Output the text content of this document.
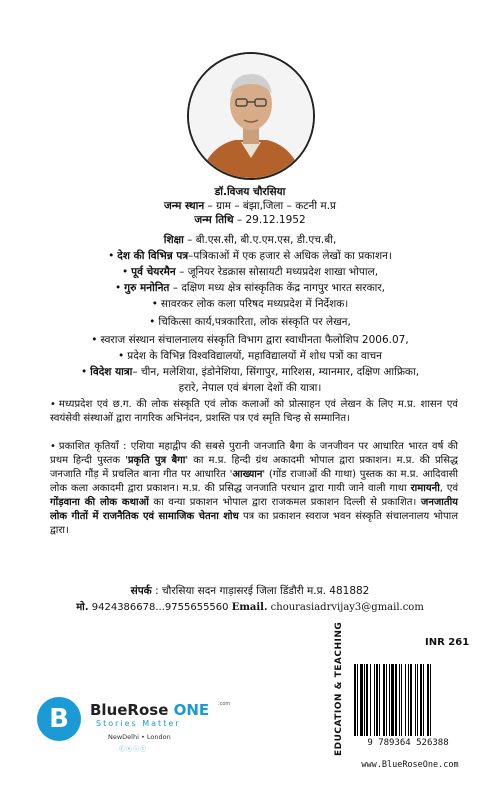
डॉ.विजय चौरसिया
जन्म स्थान – ग्राम – बंझा,जिला – कटनी म.प्र
जन्म तिथि – 29.12.1952
शिक्षा – बी.एस.सी, बी.ए.एम.एस, डी.एच.बी,
• देश की विभिन्न पत्र–पत्रिकाओं में एक हजार से अधिक लेखों का प्रकाशन।
• पूर्व चेयरमैन – जूनियर रेडक्रास सोसायटी मध्यप्रदेश शाखा भोपाल,
• गुरु मनोनित – दक्षिण मध्य क्षेत्र सांस्कृतिक केंद्र नागपुर भारत सरकार,
• सावरकर लोक कला परिषद मध्यप्रदेश में निर्देशक।
• चिकित्सा कार्य,पत्रकारिता, लोक संस्कृति पर लेखन,
• स्वराज संस्थान संचालनालय संस्कृति विभाग द्वारा स्वाधीनता फैलोशिप 2006.07,
• प्रदेश के विभिन्न विश्वविद्यालयों, महाविद्यालयों में शोध पत्रों का वाचन
• विदेश यात्रा– चीन, मलेशिया, इंडोनेशिया, सिंगापुर, मारिशस, म्यानमार, दक्षिण आफ्रिका,
हरारे, नेपाल एवं बंगला देशों की यात्रा।

• मध्यप्रदेश एवं छ.ग. की लोक संस्कृति एवं लोक कलाओं को प्रोत्साहन एवं लेखन के लिए म.प्र. शासन एवं स्वयंसेवी संस्थाओं द्वारा नागरिक अभिनंदन, प्रशस्ति पत्र एवं स्मृति चिन्ह से सम्मानित।

• प्रकाशित कृतियाँ : एशिया महाद्वीप की सबसे पुरानी जनजाति बैगा के जनजीवन पर आधारित भारत वर्ष की प्रथम हिन्दी पुस्तक 'प्रकृति पुत्र बैगा' का म.प्र. हिन्दी ग्रंथ अकादमी भोपाल द्वारा प्रकाशन। म.प्र. की प्रसिद्ध जनजाति गौंड़ में प्रचलित बाना गीत पर आधारित 'आख्यान' (गोंड राजाओं की गाथा) पुस्तक का म.प्र. आदिवासी लोक कला अकादमी द्वारा प्रकाशन। म.प्र. की प्रसिद्ध जनजाति परधान द्वारा गायी जाने वाली गाथा रामायनी, एवं गोंड़वाना की लोक कथाओं का वन्या प्रकाशन भोपाल द्वारा राजकमल प्रकाशन दिल्ली से प्रकाशित। जनजातीय लोक गीतों में राजनैतिक एवं सामाजिक चेतना शोध पत्र का प्रकाशन स्वराज भवन संस्कृति संचालनालय भोपाल द्वारा।

संपर्क : चौरसिया सदन गाड़ासरई जिला डिंडौरी म.प्र. 481882
मो. 9424386678...9755655560 Email. chourasiadrvijay3@gmail.com
B	BlueRose ONE .com
Stories Matter
NewDelhi • London
ⓕⓞⓘⓣ	EDUCATION & TEACHING	INR 261
9 789364 526388
www.BlueRoseOne.com
